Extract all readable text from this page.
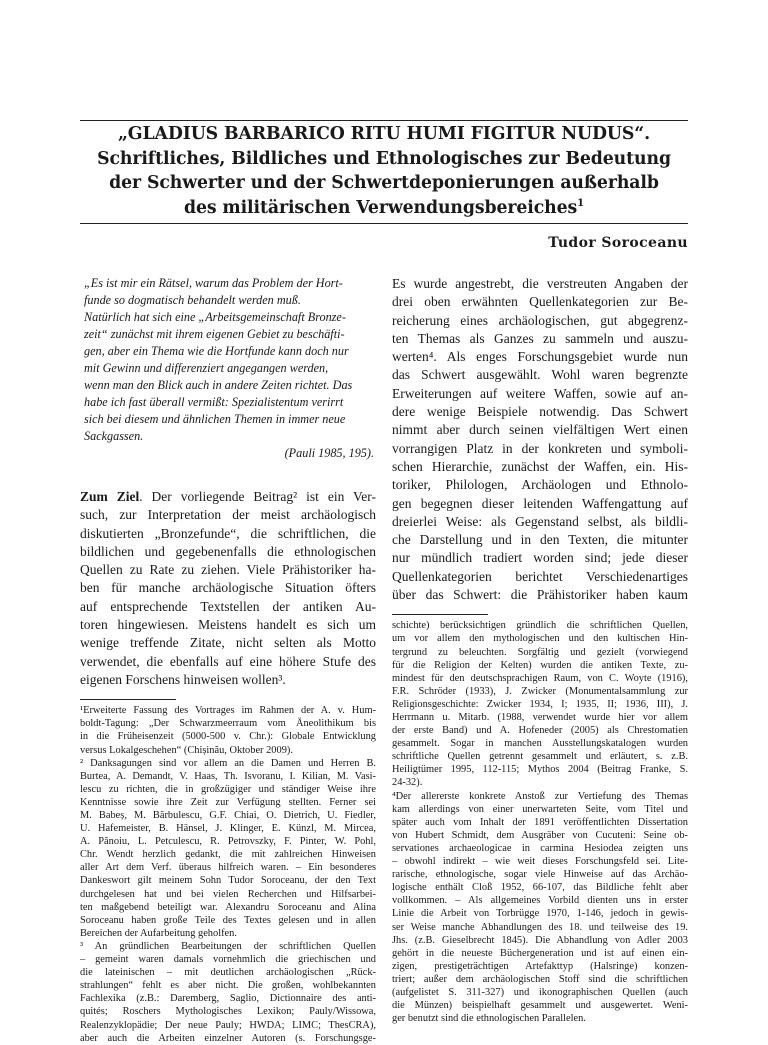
„GLADIUS BARBARICO RITU HUMI FIGITUR NUDUS“.
Schriftliches, Bildliches und Ethnologisches zur Bedeutung
der Schwerter und der Schwertdeponierungen außerhalb
des militärischen Verwendungsbereiches$^1$
Tudor Soroceanu
„Es ist mir ein Rätsel, warum das Problem der Hort-
funde so dogmatisch behandelt werden muß.
Natürlich hat sich eine „Arbeitsgemeinschaft Bronze-
zeit“ zunächst mit ihrem eigenen Gebiet zu beschäfti-
gen, aber ein Thema wie die Hortfunde kann doch nur
mit Gewinn und differenziert angegangen werden,
wenn man den Blick auch in andere Zeiten richtet. Das
habe ich fast überall vermißt: Spezialistentum verirrt
sich bei diesem und ähnlichen Themen in immer neue
Sackgassen.
(Pauli 1985, 195).
Zum Ziel. Der vorliegende Beitrag² ist ein Ver-
such, zur Interpretation der meist archäologisch
diskutierten „Bronzefunde“, die schriftlichen, die
bildlichen und gegebenenfalls die ethnologischen
Quellen zu Rate zu ziehen. Viele Prähistoriker ha-
ben für manche archäologische Situation öfters
auf entsprechende Textstellen der antiken Au-
toren hingewiesen. Meistens handelt es sich um
wenige treffende Zitate, nicht selten als Motto
verwendet, die ebenfalls auf eine höhere Stufe des
eigenen Forschens hinweisen wollen³.
¹Erweiterte Fassung des Vortrages im Rahmen der A. v. Hum-
boldt-Tagung: „Der Schwarzmeerraum vom Äneolithikum bis
in die Früheisenzeit (5000-500 v. Chr.): Globale Entwicklung
versus Lokalgeschehen“ (Chișinău, Oktober 2009).
² Danksagungen sind vor allem an die Damen und Herren B.
Burtea, A. Demandt, V. Haas, Th. Isvoranu, I. Kilian, M. Vasi-
lescu zu richten, die in großzügiger und ständiger Weise ihre
Kenntnisse sowie ihre Zeit zur Verfügung stellten. Ferner sei
M. Babeș, M. Bărbulescu, G.F. Chiai, O. Dietrich, U. Fiedler,
U. Hafemeister, B. Hänsel, J. Klinger, E. Künzl, M. Mircea,
A. Pănoiu, L. Petculescu, R. Petrovszky, F. Pinter, W. Pohl,
Chr. Wendt herzlich gedankt, die mit zahlreichen Hinweisen
aller Art dem Verf. überaus hilfreich waren. – Ein besonderes
Dankeswort gilt meinem Sohn Tudor Soroceanu, der den Text
durchgelesen hat und bei vielen Recherchen und Hilfsarbei-
ten maßgebend beteiligt war. Alexandru Soroceanu and Alina
Soroceanu haben große Teile des Textes gelesen und in allen
Bereichen der Aufarbeitung geholfen.
³ An gründlichen Bearbeitungen der schriftlichen Quellen
– gemeint waren damals vornehmlich die griechischen und
die lateinischen – mit deutlichen archäologischen „Rück-
strahlungen“ fehlt es aber nicht. Die großen, wohlbekannten
Fachlexika (z.B.: Daremberg, Saglio, Dictionnaire des anti-
quités; Roschers Mythologisches Lexikon; Pauly/Wissowa,
Realenzyklopädie; Der neue Pauly; HWDA; LIMC; ThesCRA),
aber auch die Arbeiten einzelner Autoren (s. Forschungsge-
Es wurde angestrebt, die verstreuten Angaben der
drei oben erwähnten Quellenkategorien zur Be-
reicherung eines archäologischen, gut abgegrenz-
ten Themas als Ganzes zu sammeln und auszu-
werten⁴. Als enges Forschungsgebiet wurde nun
das Schwert ausgewählt. Wohl waren begrenzte
Erweiterungen auf weitere Waffen, sowie auf an-
dere wenige Beispiele notwendig. Das Schwert
nimmt aber durch seinen vielfältigen Wert einen
vorrangigen Platz in der konkreten und symboli-
schen Hierarchie, zunächst der Waffen, ein. His-
toriker, Philologen, Archäologen und Ethnolo-
gen begegnen dieser leitenden Waffengattung auf
dreierlei Weise: als Gegenstand selbst, als bildli-
che Darstellung und in den Texten, die mitunter
nur mündlich tradiert worden sind; jede dieser
Quellenkategorien berichtet Verschiedenartiges
über das Schwert: die Prähistoriker haben kaum
schichte) berücksichtigen gründlich die schriftlichen Quellen,
um vor allem den mythologischen und den kultischen Hin-
tergrund zu beleuchten. Sorgfältig und gezielt (vorwiegend
für die Religion der Kelten) wurden die antiken Texte, zu-
mindest für den deutschsprachigen Raum, von C. Woyte (1916),
F.R. Schröder (1933), J. Zwicker (Monumentalsammlung zur
Religionsgeschichte: Zwicker 1934, I; 1935, II; 1936, III), J.
Herrmann u. Mitarb. (1988, verwendet wurde hier vor allem
der erste Band) und A. Hofeneder (2005) als Chrestomatien
gesammelt. Sogar in manchen Ausstellungskatalogen wurden
schriftliche Quellen getrennt gesammelt und erläutert, s. z.B.
Heiligtümer 1995, 112-115; Mythos 2004 (Beitrag Franke, S.
24-32).
⁴Der allererste konkrete Anstoß zur Vertiefung des Themas
kam allerdings von einer unerwarteten Seite, vom Titel und
später auch vom Inhalt der 1891 veröffentlichten Dissertation
von Hubert Schmidt, dem Ausgräber von Cucuteni: Seine ob-
servationes archaeologicae in carmina Hesiodea zeigten uns
– obwohl indirekt – wie weit dieses Forschungsfeld sei. Lite-
rarische, ethnologische, sogar viele Hinweise auf das Archäo-
logische enthält Cloß 1952, 66-107, das Bildliche fehlt aber
vollkommen. – Als allgemeines Vorbild dienten uns in erster
Linie die Arbeit von Torbrügge 1970, 1-146, jedoch in gewis-
ser Weise manche Abhandlungen des 18. und teilweise des 19.
Jhs. (z.B. Gieselbrecht 1845). Die Abhandlung von Adler 2003
gehört in die neueste Büchergeneration und ist auf einen ein-
zigen, prestigeträchtigen Artefakttyp (Halsringe) konzen-
triert; außer dem archäologischen Stoff sind die schriftlichen
(aufgelistet S. 311-327) und ikonographischen Quellen (auch
die Münzen) beispielhaft gesammelt und ausgewertet. Weni-
ger benutzt sind die ethnologischen Parallelen.
